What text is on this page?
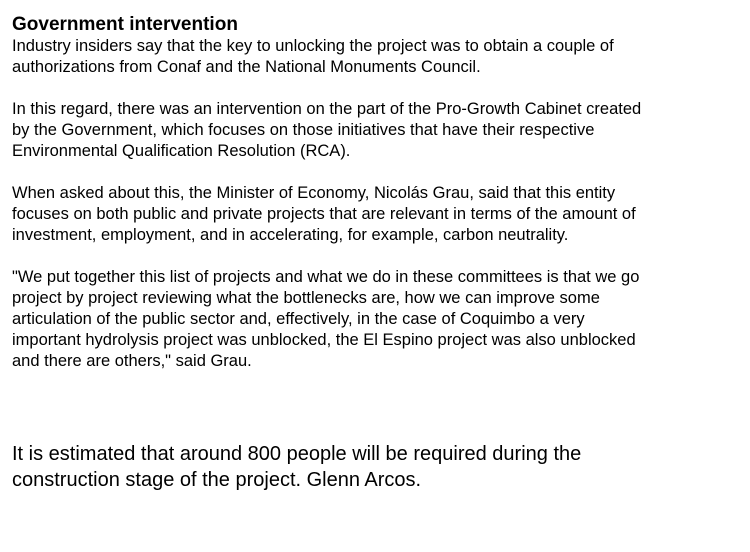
Government intervention

Industry insiders say that the key to unlocking the project was to obtain a couple of
authorizations from Conaf and the National Monuments Council.

In this regard, there was an intervention on the part of the Pro-Growth Cabinet created
by the Government, which focuses on those initiatives that have their respective
Environmental Qualification Resolution (RCA).

When asked about this, the Minister of Economy, Nicolás Grau, said that this entity
focuses on both public and private projects that are relevant in terms of the amount of
investment, employment, and in accelerating, for example, carbon neutrality.

"We put together this list of projects and what we do in these committees is that we go
project by project reviewing what the bottlenecks are, how we can improve some
articulation of the public sector and, effectively, in the case of Coquimbo a very
important hydrolysis project was unblocked, the El Espino project was also unblocked
and there are others," said Grau.

It is estimated that around 800 people will be required during the
construction stage of the project. Glenn Arcos.
